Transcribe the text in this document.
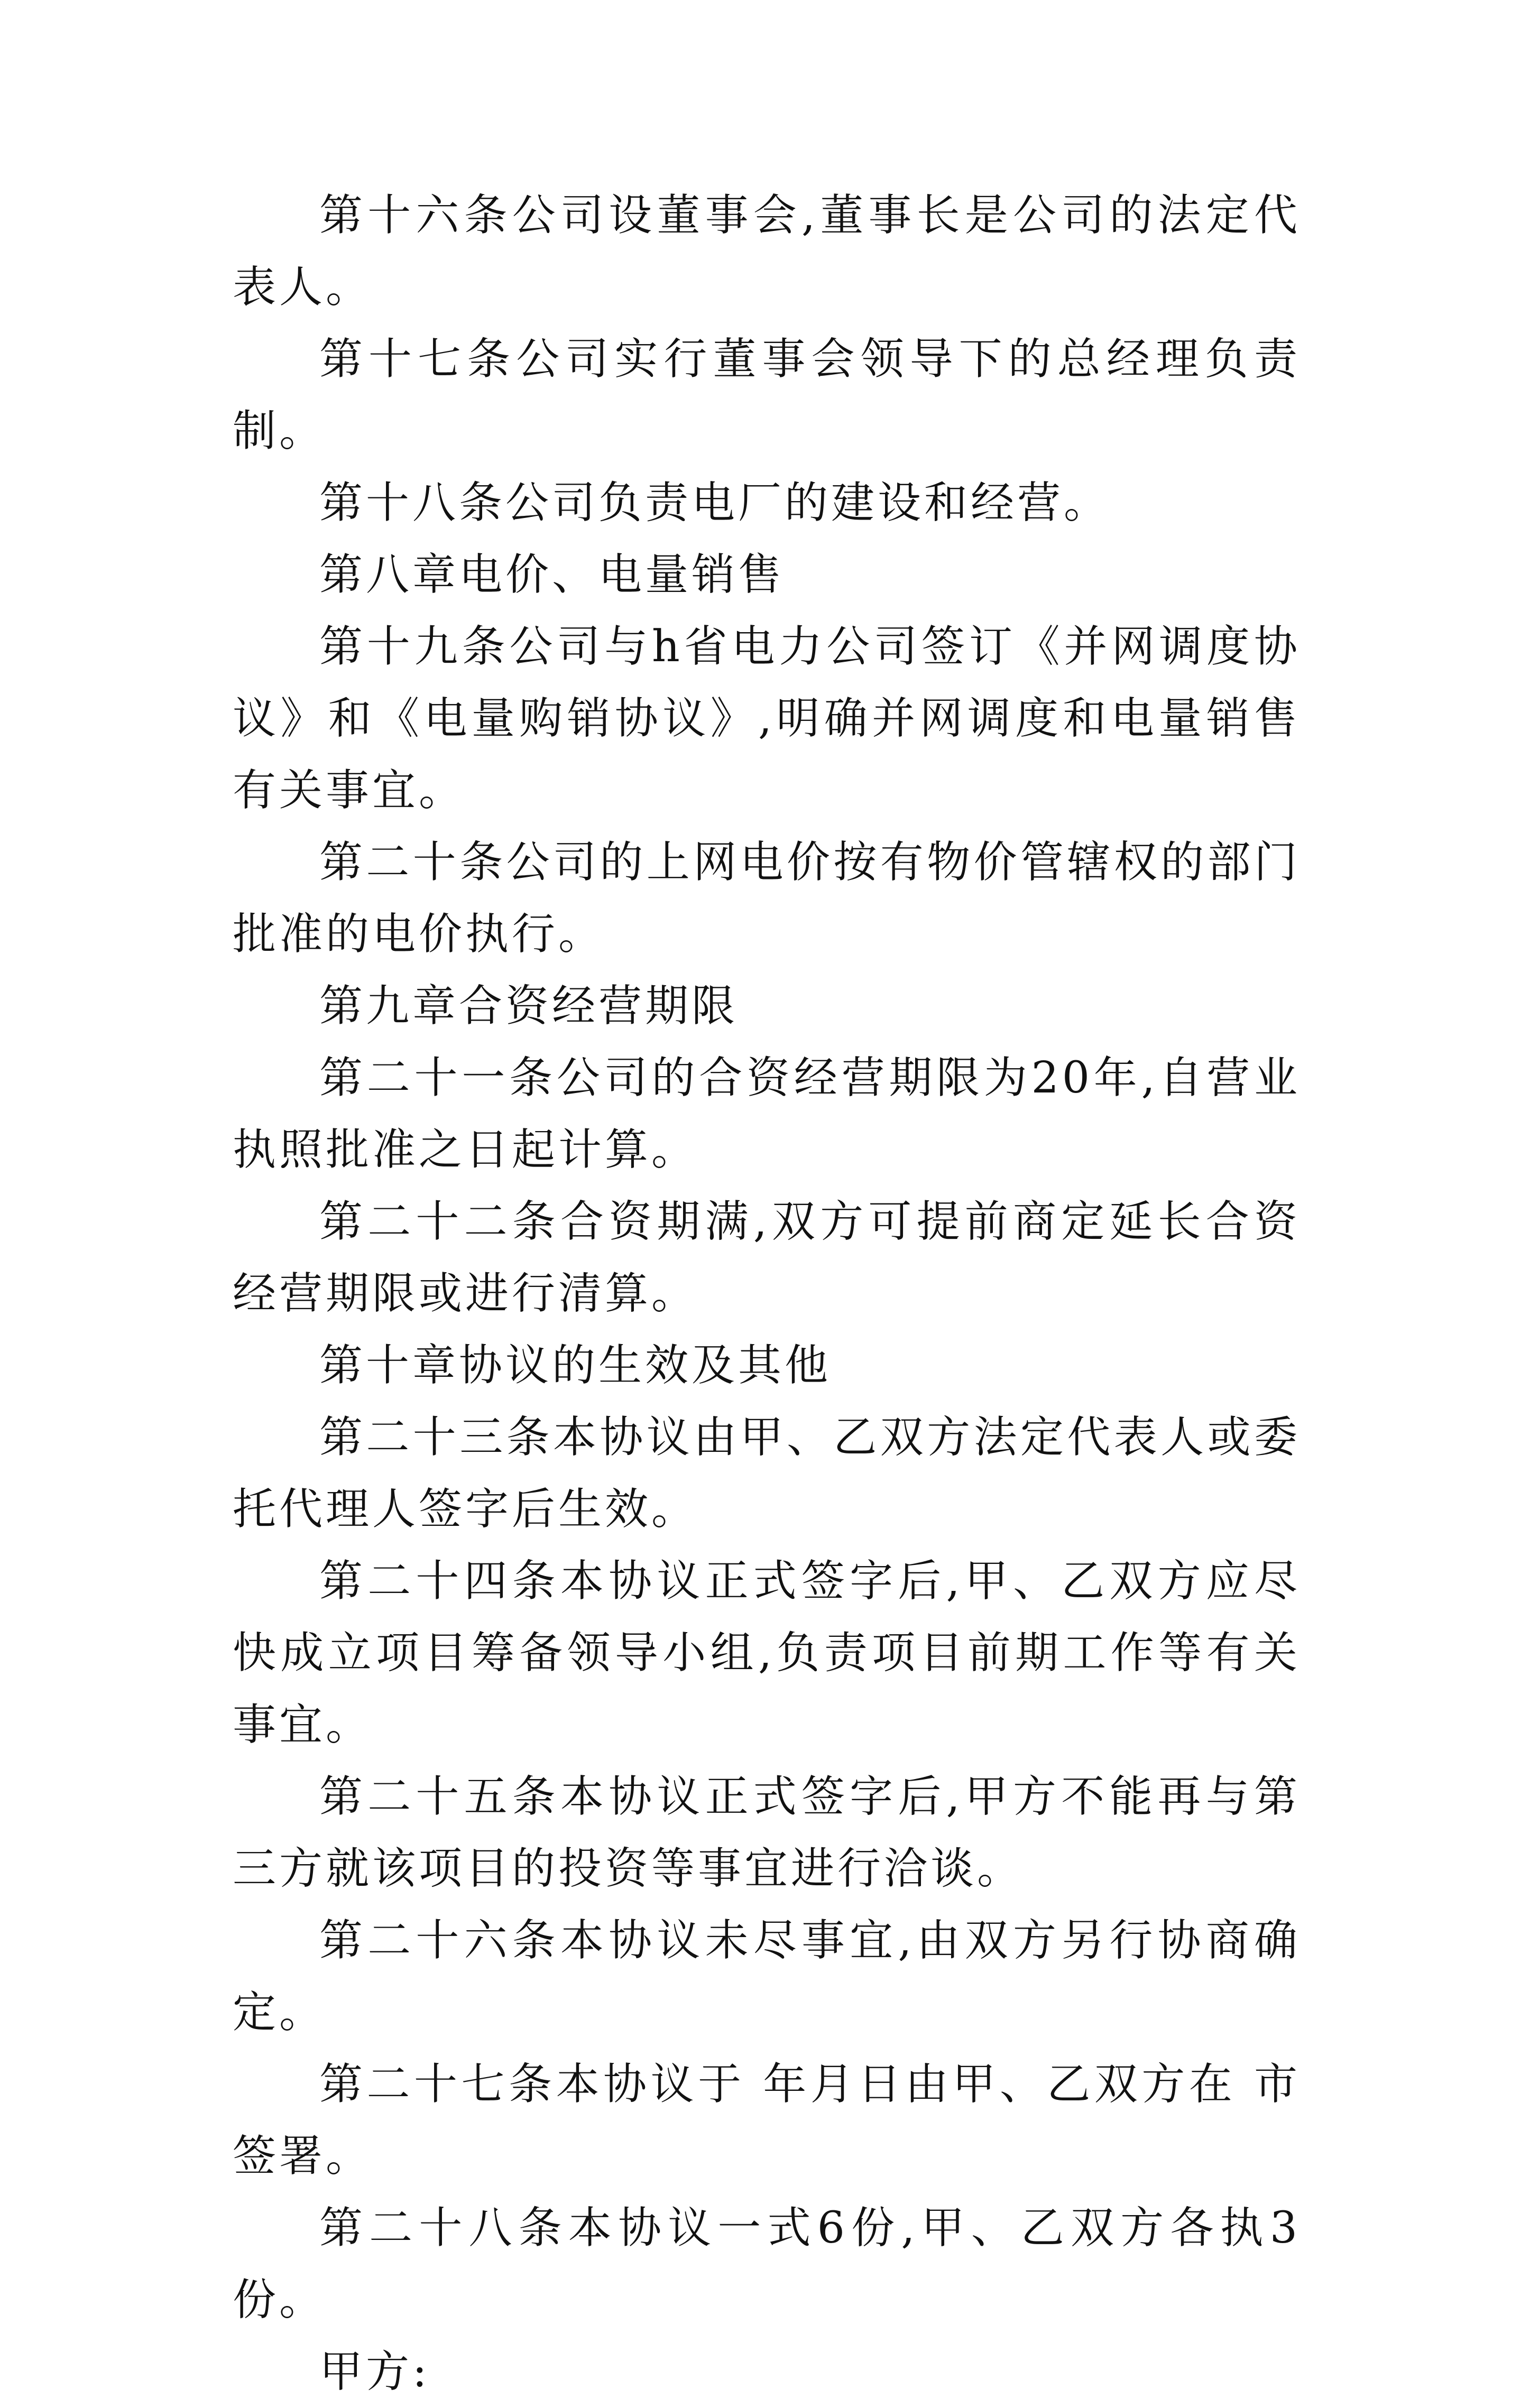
第十六条公司设董事会,董事长是公司的法定代表人。

第十七条公司实行董事会领导下的总经理负责制。

第十八条公司负责电厂的建设和经营。

第八章电价、电量销售

第十九条公司与h省电力公司签订《并网调度协议》和《电量购销协议》,明确并网调度和电量销售有关事宜。

第二十条公司的上网电价按有物价管辖权的部门批准的电价执行。

第九章合资经营期限

第二十一条公司的合资经营期限为20年,自营业执照批准之日起计算。

第二十二条合资期满,双方可提前商定延长合资经营期限或进行清算。

第十章协议的生效及其他

第二十三条本协议由甲、乙双方法定代表人或委托代理人签字后生效。

第二十四条本协议正式签字后,甲、乙双方应尽快成立项目筹备领导小组,负责项目前期工作等有关事宜。

第二十五条本协议正式签字后,甲方不能再与第三方就该项目的投资等事宜进行洽谈。

第二十六条本协议未尽事宜,由双方另行协商确定。

第二十七条本协议于 年月日由甲、乙双方在 市签署。

第二十八条本协议一式6份,甲、乙双方各执3份。

甲方:
